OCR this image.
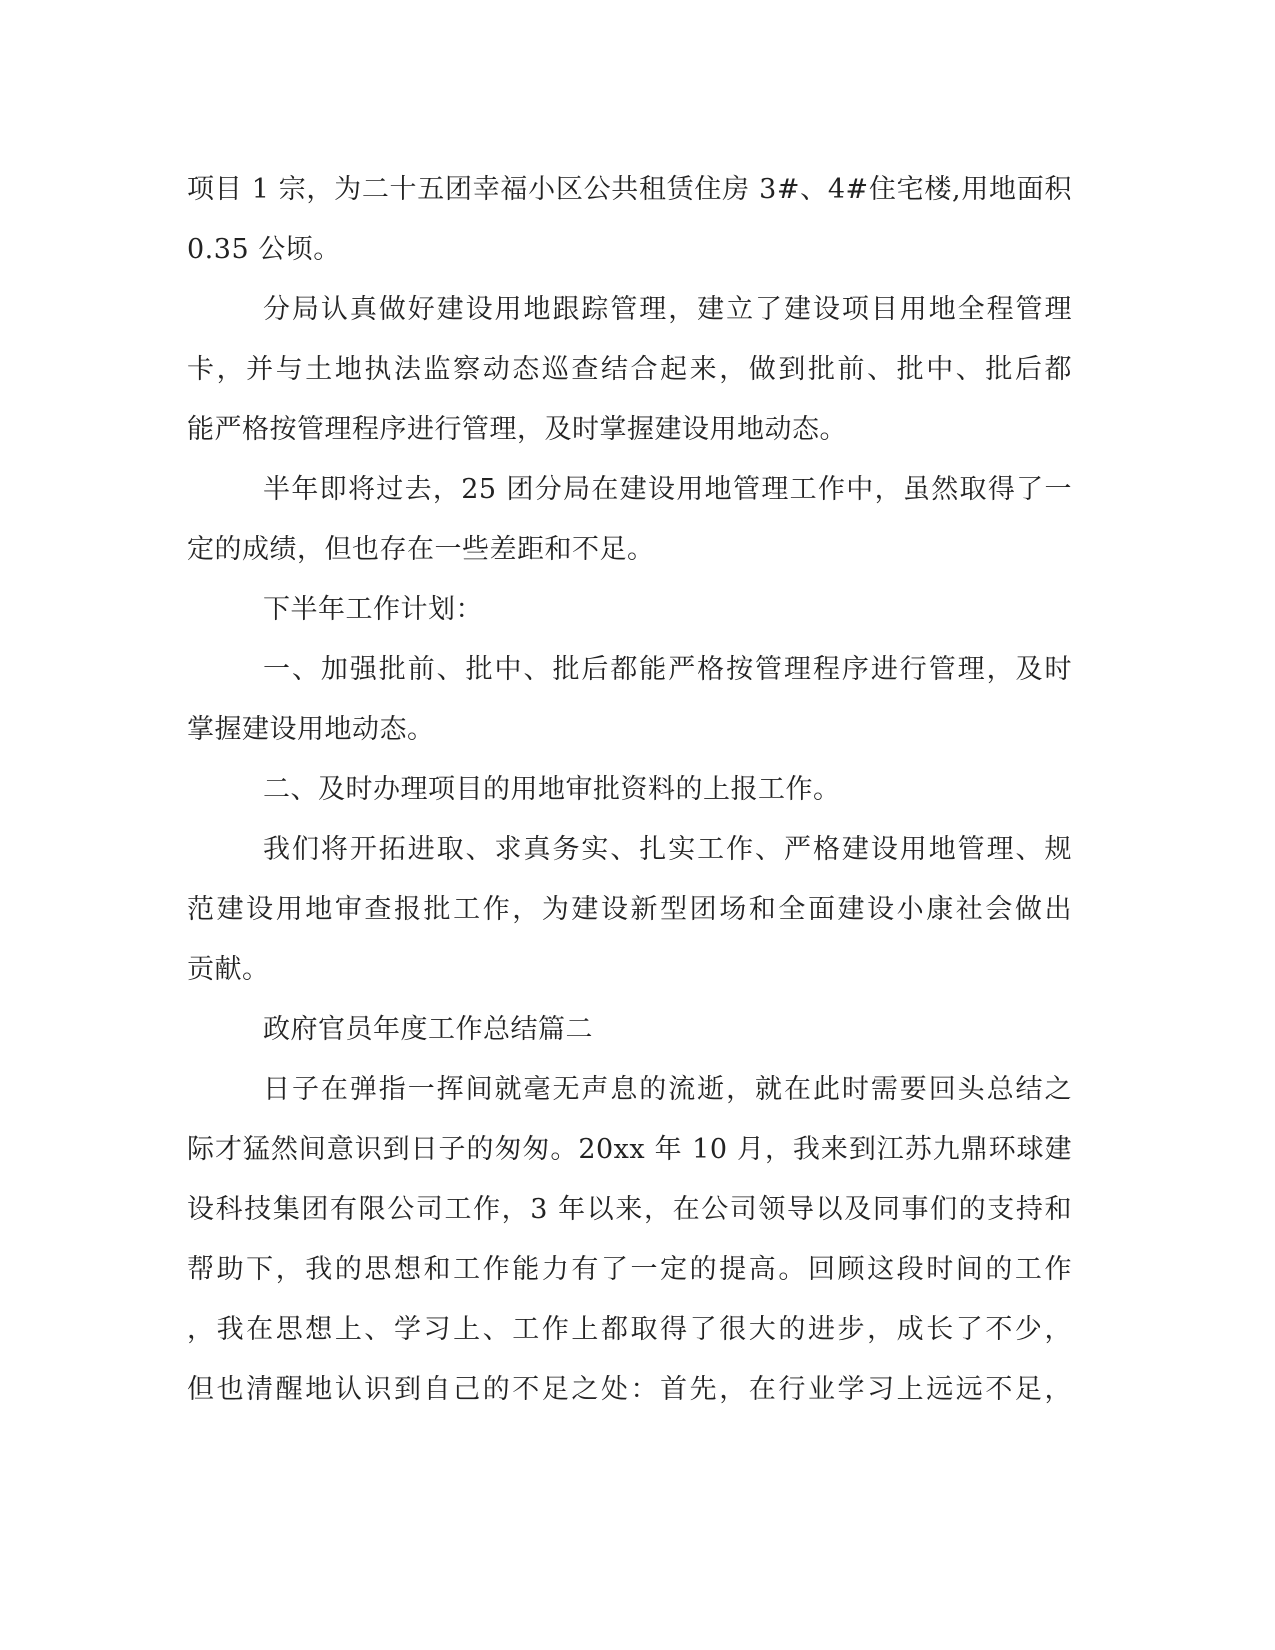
项目 1 宗，为二十五团幸福小区公共租赁住房 3#、4#住宅楼,用地面积
0.35 公顷。
分局认真做好建设用地跟踪管理，建立了建设项目用地全程管理
卡，并与土地执法监察动态巡查结合起来，做到批前、批中、批后都
能严格按管理程序进行管理，及时掌握建设用地动态。
半年即将过去，25 团分局在建设用地管理工作中，虽然取得了一
定的成绩，但也存在一些差距和不足。
下半年工作计划：
一、加强批前、批中、批后都能严格按管理程序进行管理，及时
掌握建设用地动态。
二、及时办理项目的用地审批资料的上报工作。
我们将开拓进取、求真务实、扎实工作、严格建设用地管理、规
范建设用地审查报批工作，为建设新型团场和全面建设小康社会做出
贡献。
政府官员年度工作总结篇二
日子在弹指一挥间就毫无声息的流逝，就在此时需要回头总结之
际才猛然间意识到日子的匆匆。20xx 年 10 月，我来到江苏九鼎环球建
设科技集团有限公司工作，3 年以来，在公司领导以及同事们的支持和
帮助下，我的思想和工作能力有了一定的提高。回顾这段时间的工作
，我在思想上、学习上、工作上都取得了很大的进步，成长了不少，
但也清醒地认识到自己的不足之处：首先，在行业学习上远远不足，
